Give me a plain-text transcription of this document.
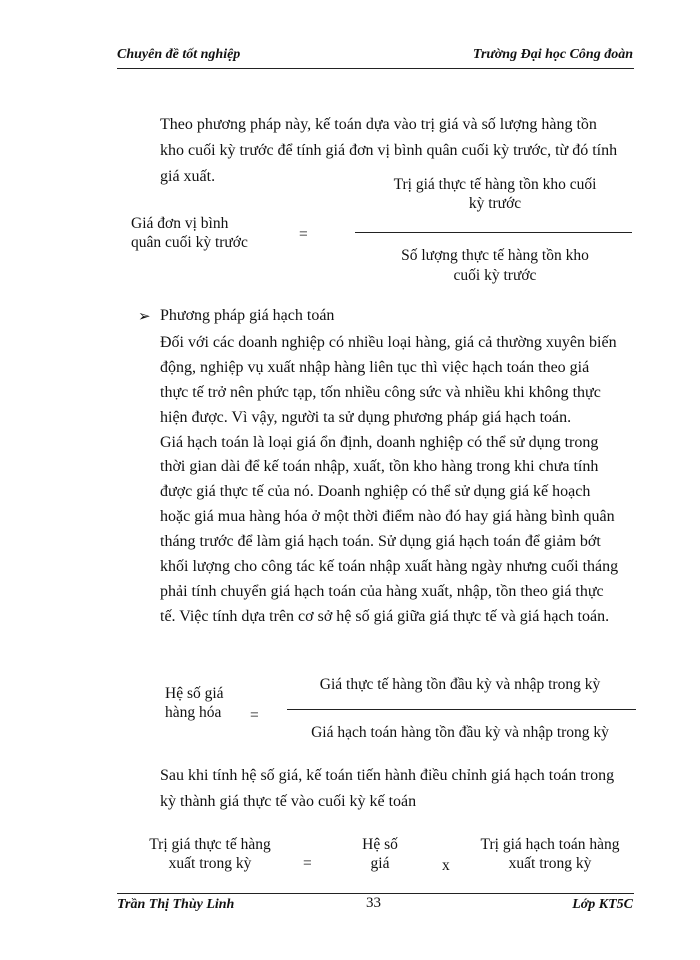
Chuyên đề tốt nghiệp	Trường Đại học Công đoàn
Theo phương pháp này, kế toán dựa vào trị giá và số lượng hàng tồn
kho cuối kỳ trước để tính giá đơn vị bình quân cuối kỳ trước, từ đó tính
giá xuất.
Giá đơn vị bình
quân cuối kỳ trước	=
Trị giá thực tế hàng tồn kho cuối
kỳ trước
Số lượng thực tế hàng tồn kho
cuối kỳ trước
➢ Phương pháp giá hạch toán
Đối với các doanh nghiệp có nhiều loại hàng, giá cả thường xuyên biến
động, nghiệp vụ xuất nhập hàng liên tục thì việc hạch toán theo giá
thực tế trở nên phức tạp, tốn nhiều công sức và nhiều khi không thực
hiện được. Vì vậy, người ta sử dụng phương pháp giá hạch toán.
Giá hạch toán là loại giá ổn định, doanh nghiệp có thể sử dụng trong
thời gian dài để kế toán nhập, xuất, tồn kho hàng trong khi chưa tính
được giá thực tế của nó. Doanh nghiệp có thể sử dụng giá kế hoạch
hoặc giá mua hàng hóa ở một thời điểm nào đó hay giá hàng bình quân
tháng trước để làm giá hạch toán. Sử dụng giá hạch toán để giảm bớt
khối lượng cho công tác kế toán nhập xuất hàng ngày nhưng cuối tháng
phải tính chuyển giá hạch toán của hàng xuất, nhập, tồn theo giá thực
tế. Việc tính dựa trên cơ sở hệ số giá giữa giá thực tế và giá hạch toán.
Hệ số giá
hàng hóa =
Giá thực tế hàng tồn đầu kỳ và nhập trong kỳ
Giá hạch toán hàng tồn đầu kỳ và nhập trong kỳ
Sau khi tính hệ số giá, kế toán tiến hành điều chỉnh giá hạch toán trong
kỳ thành giá thực tế vào cuối kỳ kế toán
Trị giá thực tế hàng
xuất trong kỳ	=
Hệ số
giá	x
Trị giá hạch toán hàng
xuất trong kỳ
Trần Thị Thùy Linh	33	Lớp KT5C
